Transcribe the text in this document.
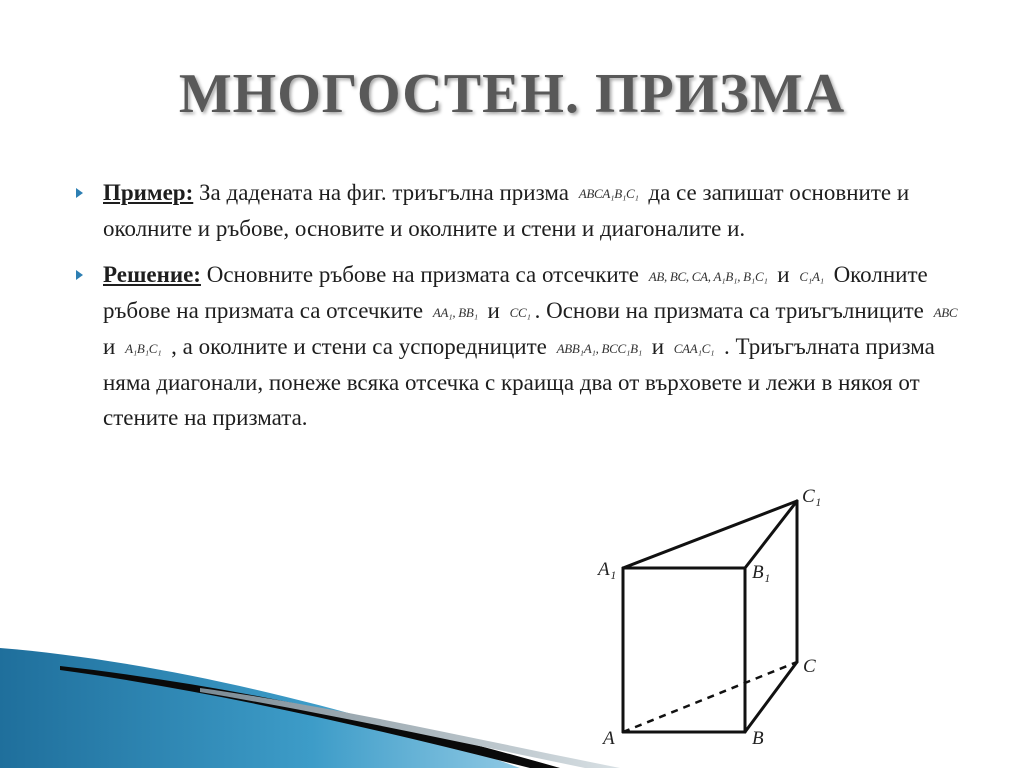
МНОГОСТЕН. ПРИЗМА
Пример: За дадената на фиг. триъгълна призма ABCA₁B₁C₁ да се запишат основните и околните и ръбове, основите и околните и стени и диагоналите и.
Решение: Основните ръбове на призмата са отсечките AB, BC, CA, A₁B₁, B₁C₁ и C₁A₁ Околните ръбове на призмата са отсечките AA₁, BB₁ и CC₁ . Основи на призмата са триъгълниците ABC и A₁B₁C₁ , а околните и стени са успоредниците ABB₁A₁, BCC₁B₁ и CAA₁C₁ . Триъгълната призма няма диагонали, понеже всяка отсечка с краища два от върховете и лежи в някоя от стените на призмата.
A₁	B₁
C₁
C
A	B
